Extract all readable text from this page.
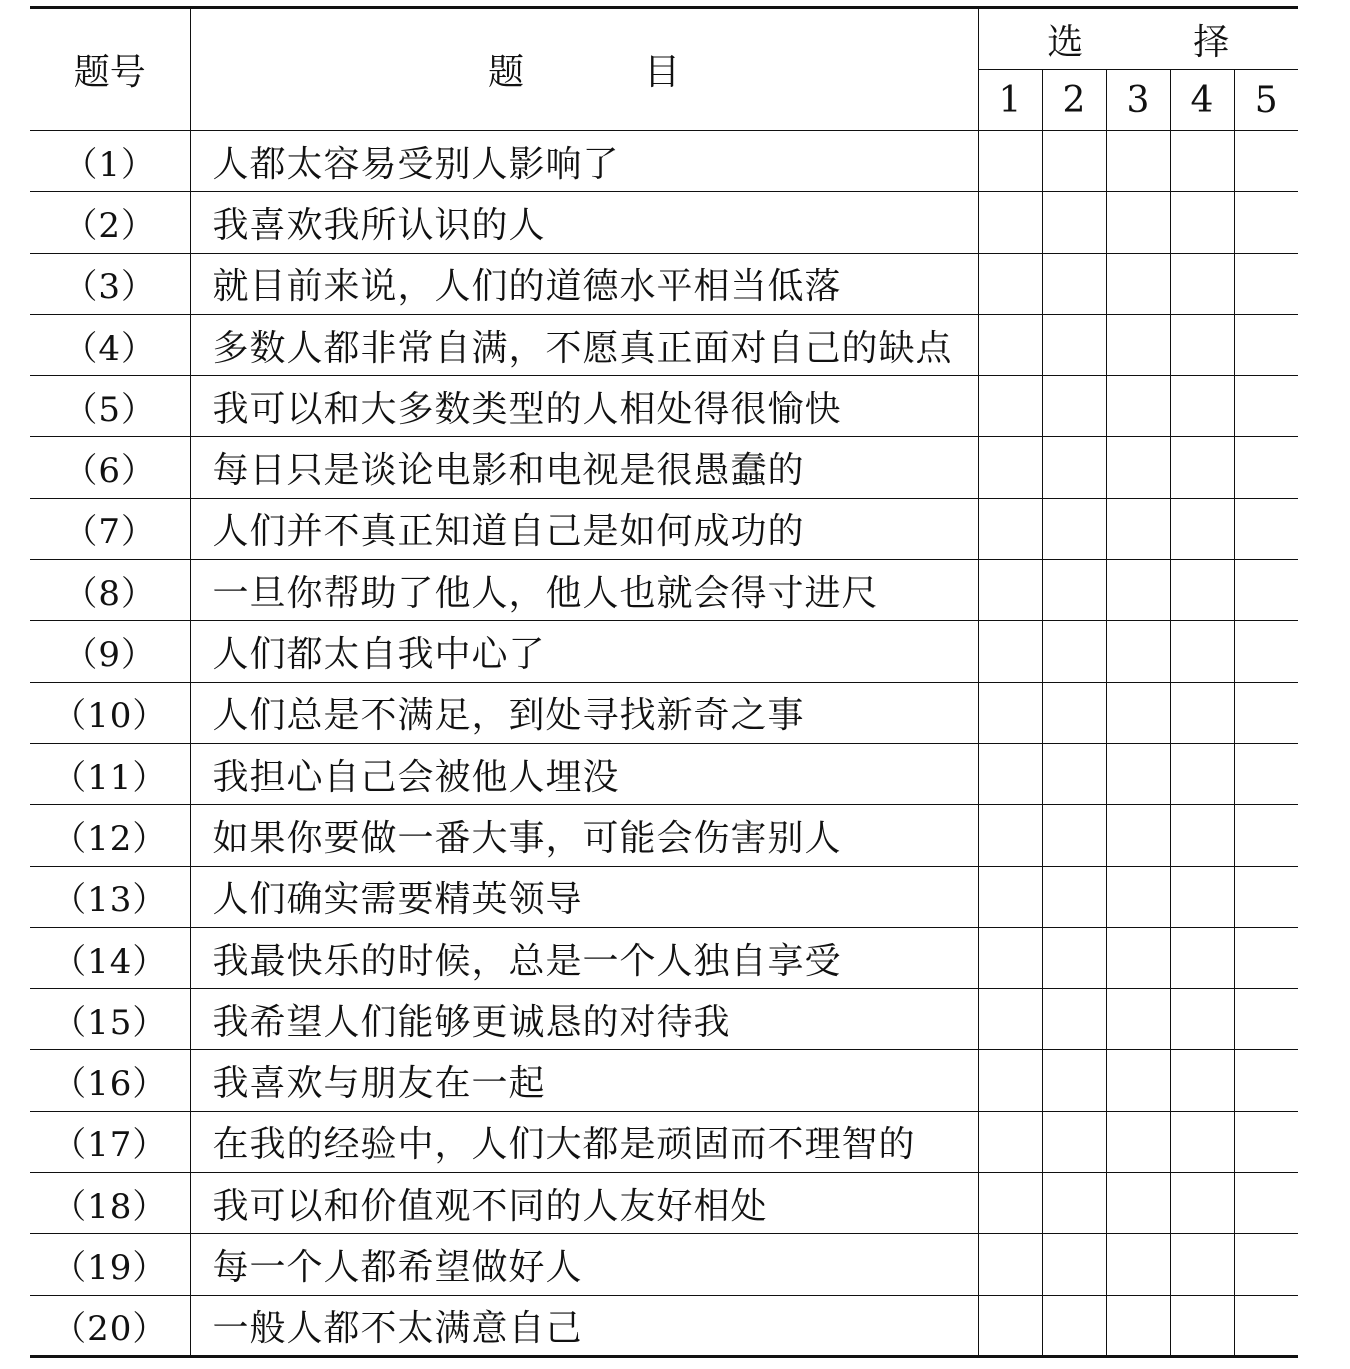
题号	题 目	选 择				
		1	2	3	4	5
（1）	人都太容易受别人影响了					
（2）	我喜欢我所认识的人					
（3）	就目前来说，人们的道德水平相当低落					
（4）	多数人都非常自满，不愿真正面对自己的缺点					
（5）	我可以和大多数类型的人相处得很愉快					
（6）	每日只是谈论电影和电视是很愚蠢的					
（7）	人们并不真正知道自己是如何成功的					
（8）	一旦你帮助了他人，他人也就会得寸进尺					
（9）	人们都太自我中心了					
（10）	人们总是不满足，到处寻找新奇之事					
（11）	我担心自己会被他人埋没					
（12）	如果你要做一番大事，可能会伤害别人					
（13）	人们确实需要精英领导					
（14）	我最快乐的时候，总是一个人独自享受					
（15）	我希望人们能够更诚恳的对待我					
（16）	我喜欢与朋友在一起					
（17）	在我的经验中，人们大都是顽固而不理智的					
（18）	我可以和价值观不同的人友好相处					
（19）	每一个人都希望做好人					
（20）	一般人都不太满意自己					
